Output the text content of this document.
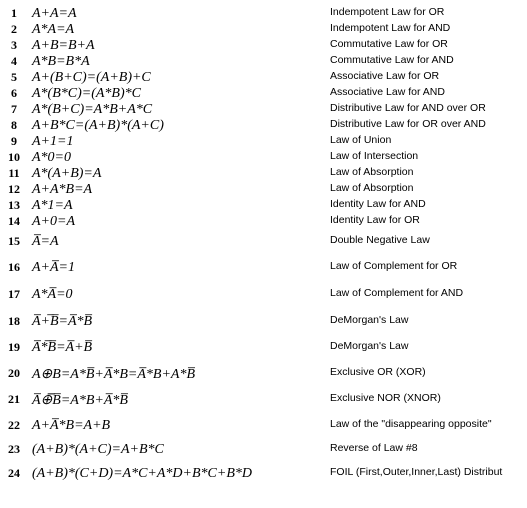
1	A+A=A	Indempotent Law for OR
2	A*A=A	Indempotent Law for AND
3	A+B=B+A	Commutative Law for OR
4	A*B=B*A	Commutative Law for AND
5	A+(B+C)=(A+B)+C	Associative Law for OR
6	A*(B*C)=(A*B)*C	Associative Law for AND
7	A*(B+C)=A*B+A*C	Distributive Law for AND over OR
8	A+B*C=(A+B)*(A+C)	Distributive Law for OR over AND
9	A+1=1	Law of Union
10 A*0=0	Law of Intersection
11 A*(A+B)=A	Law of Absorption
12 A+A*B=A	Law of Absorption
13 A*1=A	Identity Law for AND
14 A+0=A	Identity Law for OR
15 A̅=A	Double Negative Law
16 A+A̅=1	Law of Complement for OR
17 A*A̅=0	Law of Complement for AND
18 A̅+̅B̅=A̅*B̅	DeMorgan's Law
19 A̅*̅B̅=A̅+B̅	DeMorgan's Law
20 A⊕B=A*B̅+A̅*B=A̅*B+A*B̅	Exclusive OR (XOR)
21 A̅⊕̅B̅=A*B+A̅*B̅	Exclusive NOR (XNOR)
22 A+A̅*B=A+B	Law of the "disappearing opposite"
23 (A+B)*(A+C)=A+B*C	Reverse of Law #8
24 (A+B)*(C+D)=A*C+A*D+B*C+B*D	FOIL (First,Outer,Inner,Last) Distribut
